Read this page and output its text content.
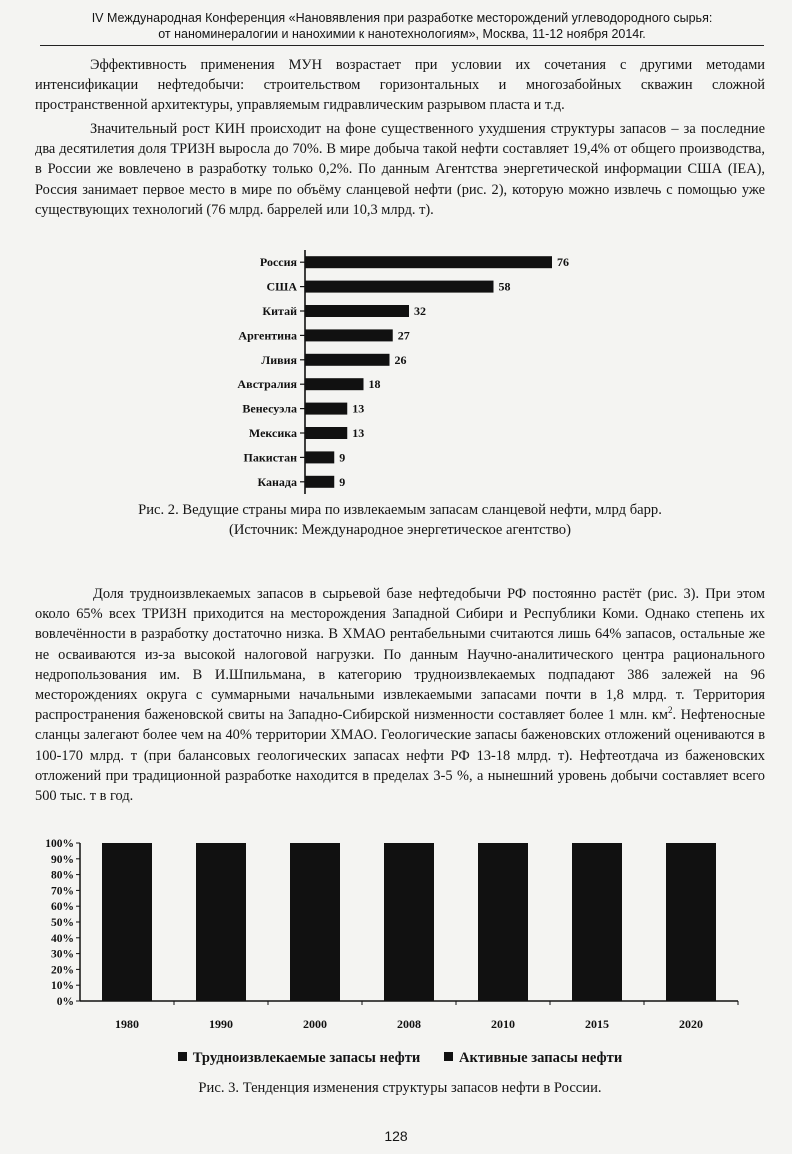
IV Международная Конференция «Нановявления при разработке месторождений углеводородного сырья:
от наноминералогии и нанохимии к нанотехнологиям», Москва, 11-12 ноября 2014г.

Эффективность применения МУН возрастает при условии их сочетания с другими методами интенсификации нефтедобычи: строительством горизонтальных и многозабойных скважин сложной пространственной архитектуры, управляемым гидравлическим разрывом пласта и т.д.

Значительный рост КИН происходит на фоне существенного ухудшения структуры запасов – за последние два десятилетия доля ТРИЗН выросла до 70%. В мире добыча такой нефти составляет 19,4% от общего производства, в России же вовлечено в разработку только 0,2%. По данным Агентства энергетической информации США (IEA), Россия занимает первое место в мире по объёму сланцевой нефти (рис. 2), которую можно извлечь с помощью уже существующих технологий (76 млрд. баррелей или 10,3 млрд. т).

Россия	76
США	58
Китай	32
Аргентина	27
Ливия	26
Австралия	18
Венесуэла	13
Мексика	13
Пакистан	9
Канада	9
Рис. 2. Ведущие страны мира по извлекаемым запасам сланцевой нефти, млрд барр.
(Источник: Международное энергетическое агентство)

Доля трудноизвлекаемых запасов в сырьевой базе нефтедобычи РФ постоянно растёт (рис. 3). При этом около 65% всех ТРИЗН приходится на месторождения Западной Сибири и Республики Коми. Однако степень их вовлечённости в разработку достаточно низка. В ХМАО рентабельными считаются лишь 64% запасов, остальные же не осваиваются из-за высокой налоговой нагрузки. По данным Научно-аналитического центра рационального недропользования им. В И.Шпильмана, в категорию трудноизвлекаемых подпадают 386 залежей на 96 месторождениях округа с суммарными начальными извлекаемыми запасами почти в 1,8 млрд. т. Территория распространения баженовской свиты на Западно-Сибирской низменности составляет более 1 млн. $км^2$. Нефтеносные сланцы залегают более чем на 40% территории ХМАО. Геологические запасы баженовских отложений оцениваются в 100-170 млрд. т (при балансовых геологических запасах нефти РФ 13-18 млрд. т). Нефтеотдача из баженовских отложений при традиционной разработке находится в пределах 3-5 %, а нынешний уровень добычи составляет всего 500 тыс. т в год.

0%
10%
20%
30%
40%
50%
60%
70%
80%
90%
100%
1980	1990	2000	2008	2010	2015	2020
Трудноизвлекаемые запасы нефти	Активные запасы нефти
Рис. 3. Тенденция изменения структуры запасов нефти в России.
128
